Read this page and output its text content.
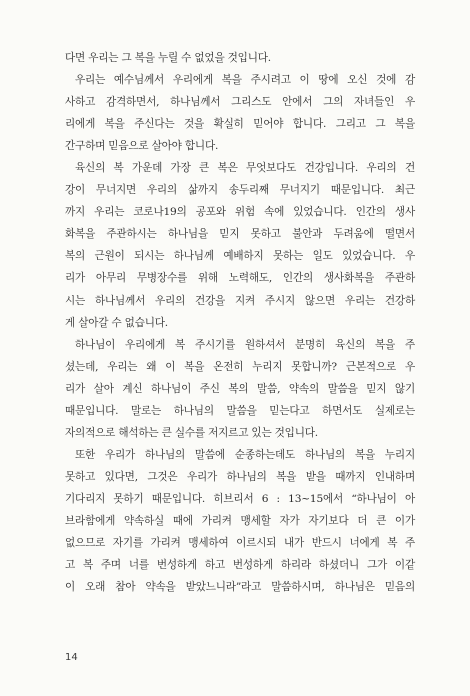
다면 우리는 그 복을 누릴 수 없었을 것입니다.
우리는 예수님께서 우리에게 복을 주시려고 이 땅에 오신 것에 감
사하고 감격하면서, 하나님께서 그리스도 안에서 그의 자녀들인 우
리에게 복을 주신다는 것을 확실히 믿어야 합니다. 그리고 그 복을
간구하며 믿음으로 살아야 합니다.
육신의 복 가운데 가장 큰 복은 무엇보다도 건강입니다. 우리의 건
강이 무너지면 우리의 삶까지 송두리째 무너지기 때문입니다. 최근
까지 우리는 코로나19의 공포와 위험 속에 있었습니다. 인간의 생사
화복을 주관하시는 하나님을 믿지 못하고 불안과 두려움에 떨면서
복의 근원이 되시는 하나님께 예배하지 못하는 일도 있었습니다. 우
리가 아무리 무병장수를 위해 노력해도, 인간의 생사화복을 주관하
시는 하나님께서 우리의 건강을 지켜 주시지 않으면 우리는 건강하
게 살아갈 수 없습니다.
하나님이 우리에게 복 주시기를 원하셔서 분명히 육신의 복을 주
셨는데, 우리는 왜 이 복을 온전히 누리지 못합니까? 근본적으로 우
리가 살아 계신 하나님이 주신 복의 말씀, 약속의 말씀을 믿지 않기
때문입니다. 말로는 하나님의 말씀을 믿는다고 하면서도 실제로는
자의적으로 해석하는 큰 실수를 저지르고 있는 것입니다.
또한 우리가 하나님의 말씀에 순종하는데도 하나님의 복을 누리지
못하고 있다면, 그것은 우리가 하나님의 복을 받을 때까지 인내하며
기다리지 못하기 때문입니다. 히브리서 6 : 13~15에서 “하나님이 아
브라함에게 약속하실 때에 가리켜 맹세할 자가 자기보다 더 큰 이가
없으므로 자기를 가리켜 맹세하여 이르시되 내가 반드시 너에게 복 주
고 복 주며 너를 번성하게 하고 번성하게 하리라 하셨더니 그가 이같
이 오래 참아 약속을 받았느니라”라고 말씀하시며, 하나님은 믿음의
14
